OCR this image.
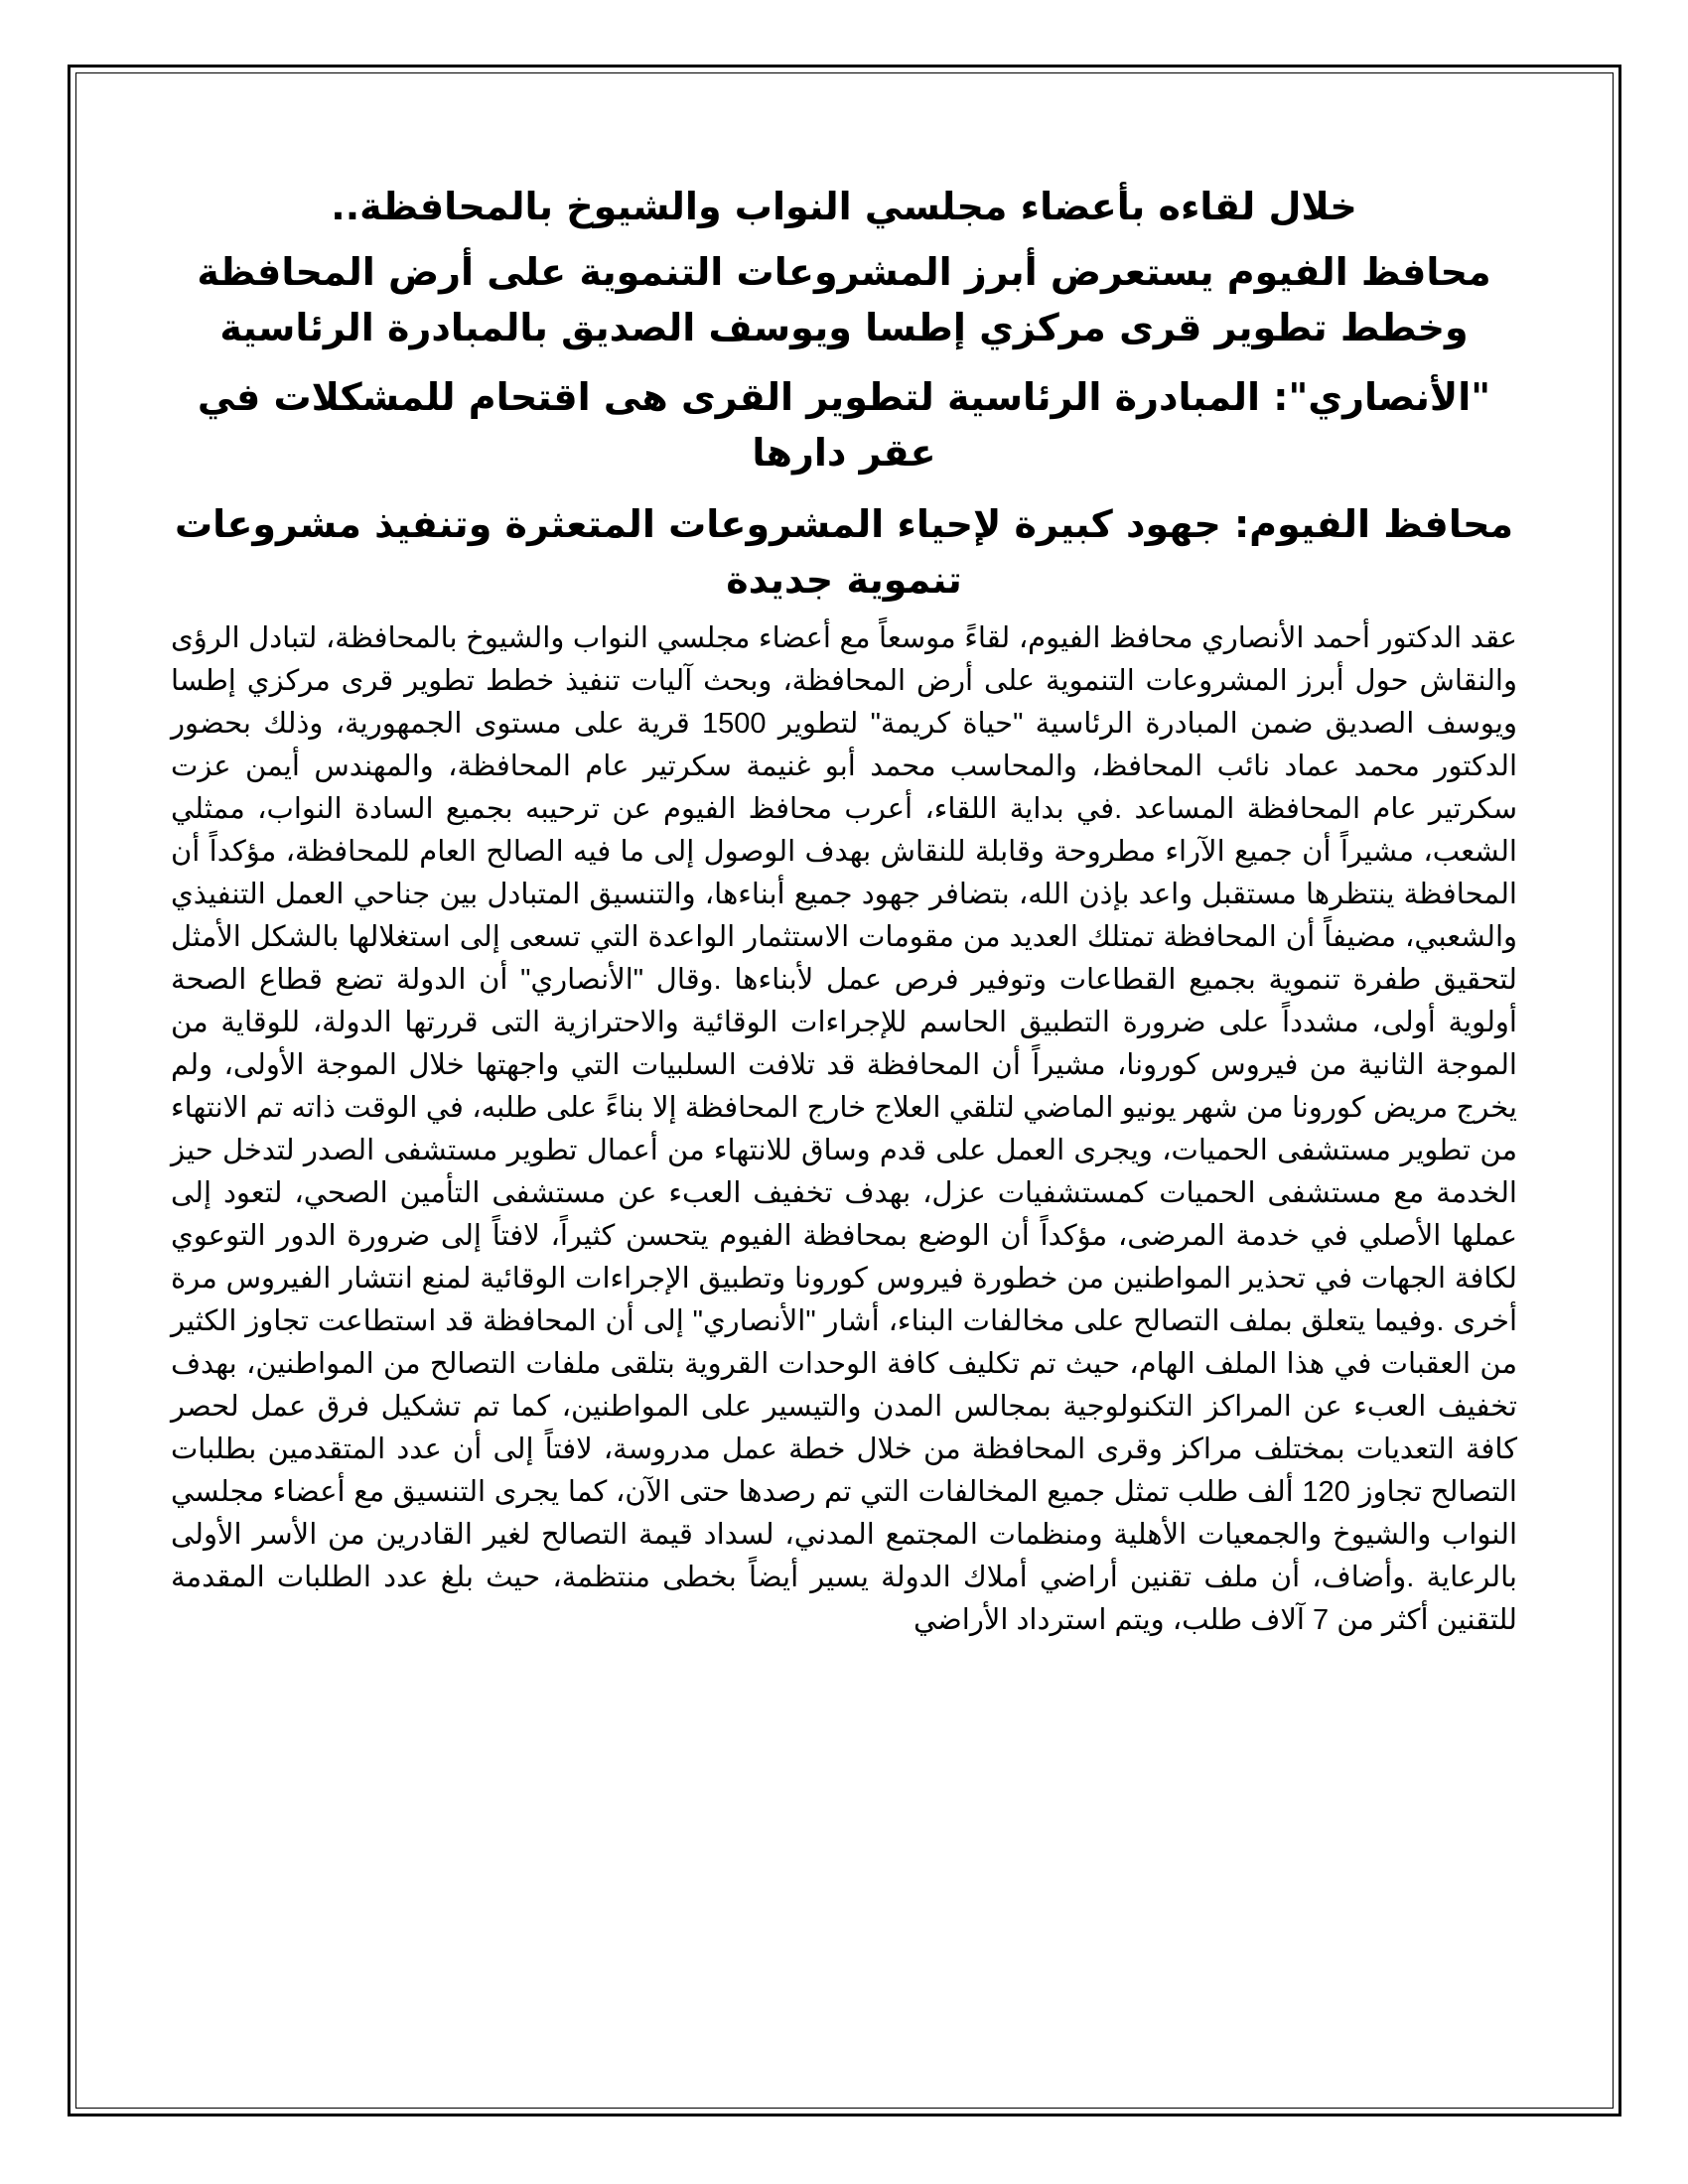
خلال لقاءه بأعضاء مجلسي النواب والشيوخ بالمحافظة..
محافظ الفيوم يستعرض أبرز المشروعات التنموية على أرض المحافظة وخطط تطوير قرى مركزي إطسا ويوسف الصديق بالمبادرة الرئاسية
"الأنصاري": المبادرة الرئاسية لتطوير القرى هى اقتحام للمشكلات في عقر دارها
محافظ الفيوم: جهود كبيرة لإحياء المشروعات المتعثرة وتنفيذ مشروعات تنموية جديدة

عقد الدكتور أحمد الأنصاري محافظ الفيوم، لقاءً موسعاً مع أعضاء مجلسي النواب والشيوخ بالمحافظة، لتبادل الرؤى والنقاش حول أبرز المشروعات التنموية على أرض المحافظة، وبحث آليات تنفيذ خطط تطوير قرى مركزي إطسا ويوسف الصديق ضمن المبادرة الرئاسية "حياة كريمة" لتطوير 1500 قرية على مستوى الجمهورية، وذلك بحضور الدكتور محمد عماد نائب المحافظ، والمحاسب محمد أبو غنيمة سكرتير عام المحافظة، والمهندس أيمن عزت سكرتير عام المحافظة المساعد .في بداية اللقاء، أعرب محافظ الفيوم عن ترحيبه بجميع السادة النواب، ممثلي الشعب، مشيراً أن جميع الآراء مطروحة وقابلة للنقاش بهدف الوصول إلى ما فيه الصالح العام للمحافظة، مؤكداً أن المحافظة ينتظرها مستقبل واعد بإذن الله، بتضافر جهود جميع أبناءها، والتنسيق المتبادل بين جناحي العمل التنفيذي والشعبي، مضيفاً أن المحافظة تمتلك العديد من مقومات الاستثمار الواعدة التي تسعى إلى استغلالها بالشكل الأمثل لتحقيق طفرة تنموية بجميع القطاعات وتوفير فرص عمل لأبناءها .وقال "الأنصاري" أن الدولة تضع قطاع الصحة أولوية أولى، مشدداً على ضرورة التطبيق الحاسم للإجراءات الوقائية والاحترازية التى قررتها الدولة، للوقاية من الموجة الثانية من فيروس كورونا، مشيراً أن المحافظة قد تلافت السلبيات التي واجهتها خلال الموجة الأولى، ولم يخرج مريض كورونا من شهر يونيو الماضي لتلقي العلاج خارج المحافظة إلا بناءً على طلبه، في الوقت ذاته تم الانتهاء من تطوير مستشفى الحميات، ويجرى العمل على قدم وساق للانتهاء من أعمال تطوير مستشفى الصدر لتدخل حيز الخدمة مع مستشفى الحميات كمستشفيات عزل، بهدف تخفيف العبء عن مستشفى التأمين الصحي، لتعود إلى عملها الأصلي في خدمة المرضى، مؤكداً أن الوضع بمحافظة الفيوم يتحسن كثيراً، لافتاً إلى ضرورة الدور التوعوي لكافة الجهات في تحذير المواطنين من خطورة فيروس كورونا وتطبيق الإجراءات الوقائية لمنع انتشار الفيروس مرة أخرى .وفيما يتعلق بملف التصالح على مخالفات البناء، أشار "الأنصاري" إلى أن المحافظة قد استطاعت تجاوز الكثير من العقبات في هذا الملف الهام، حيث تم تكليف كافة الوحدات القروية بتلقى ملفات التصالح من المواطنين، بهدف تخفيف العبء عن المراكز التكنولوجية بمجالس المدن والتيسير على المواطنين، كما تم تشكيل فرق عمل لحصر كافة التعديات بمختلف مراكز وقرى المحافظة من خلال خطة عمل مدروسة، لافتاً إلى أن عدد المتقدمين بطلبات التصالح تجاوز 120 ألف طلب تمثل جميع المخالفات التي تم رصدها حتى الآن، كما يجرى التنسيق مع أعضاء مجلسي النواب والشيوخ والجمعيات الأهلية ومنظمات المجتمع المدني، لسداد قيمة التصالح لغير القادرين من الأسر الأولى بالرعاية .وأضاف، أن ملف تقنين أراضي أملاك الدولة يسير أيضاً بخطى منتظمة، حيث بلغ عدد الطلبات المقدمة للتقنين أكثر من 7 آلاف طلب، ويتم استرداد الأراضي
